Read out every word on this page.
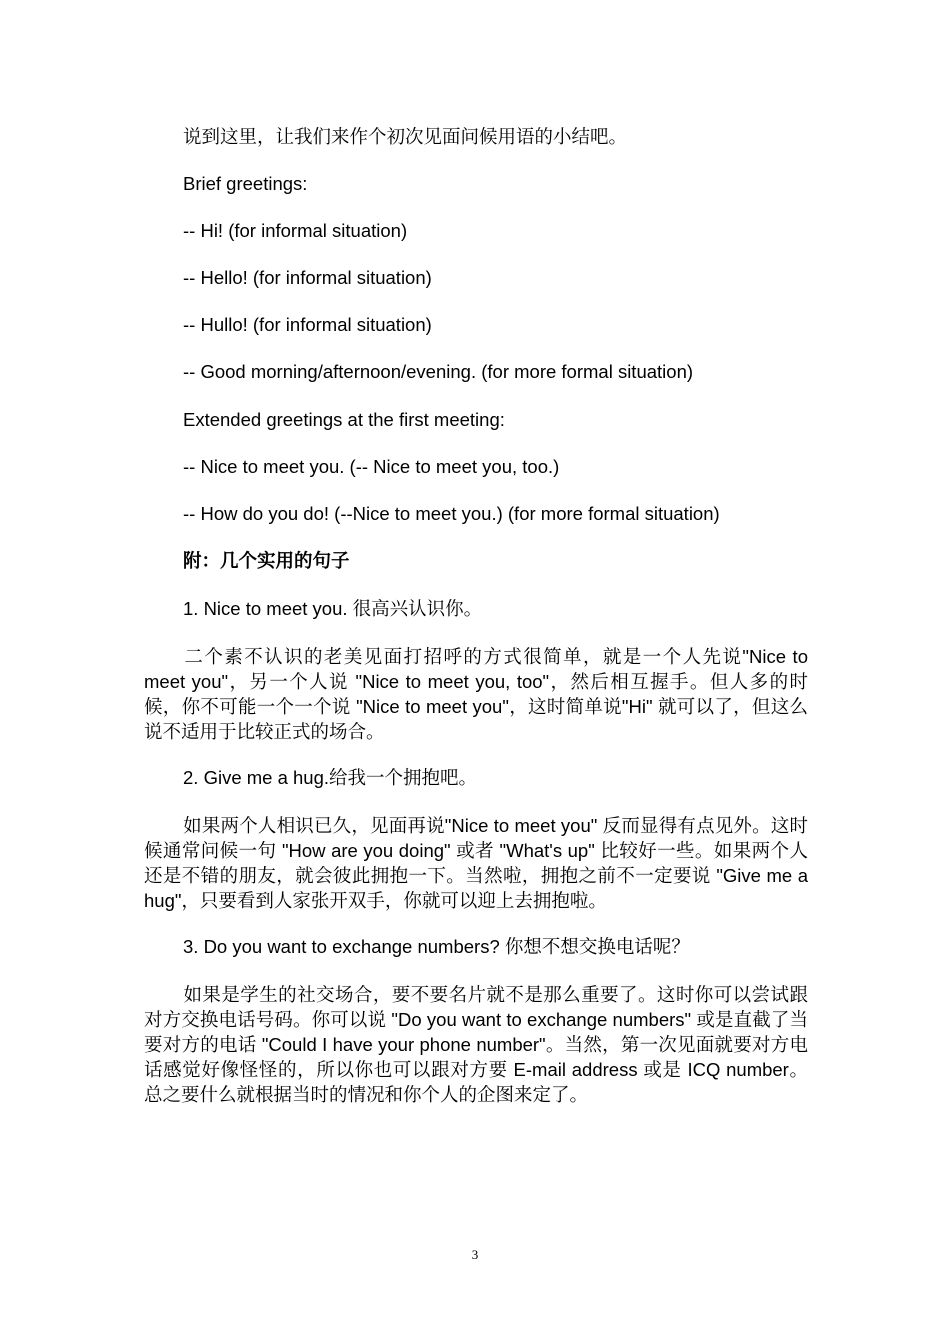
说到这里，让我们来作个初次见面问候用语的小结吧。
Brief greetings:
-- Hi! (for informal situation)
-- Hello! (for informal situation)
-- Hullo! (for informal situation)
-- Good morning/afternoon/evening. (for more formal situation)
Extended greetings at the first meeting:
-- Nice to meet you. (-- Nice to meet you, too.)
-- How do you do! (--Nice to meet you.) (for more formal situation)
附：几个实用的句子
1. Nice to meet you. 很高兴认识你。
二个素不认识的老美见面打招呼的方式很简单，就是一个人先说"Nice to meet you"，另一个人说 "Nice to meet you, too"，然后相互握手。但人多的时候，你不可能一个一个说 "Nice to meet you"，这时简单说"Hi" 就可以了，但这么说不适用于比较正式的场合。
2. Give me a hug.给我一个拥抱吧。
如果两个人相识已久，见面再说"Nice to meet you" 反而显得有点见外。这时候通常问候一句 "How are you doing" 或者 "What's up" 比较好一些。如果两个人还是不错的朋友，就会彼此拥抱一下。当然啦，拥抱之前不一定要说 "Give me a hug"，只要看到人家张开双手，你就可以迎上去拥抱啦。
3. Do you want to exchange numbers? 你想不想交换电话呢？
如果是学生的社交场合，要不要名片就不是那么重要了。这时你可以尝试跟对方交换电话号码。你可以说 "Do you want to exchange numbers" 或是直截了当要对方的电话 "Could I have your phone number"。当然，第一次见面就要对方电话感觉好像怪怪的，所以你也可以跟对方要 E-mail address 或是 ICQ number。总之要什么就根据当时的情况和你个人的企图来定了。
3
